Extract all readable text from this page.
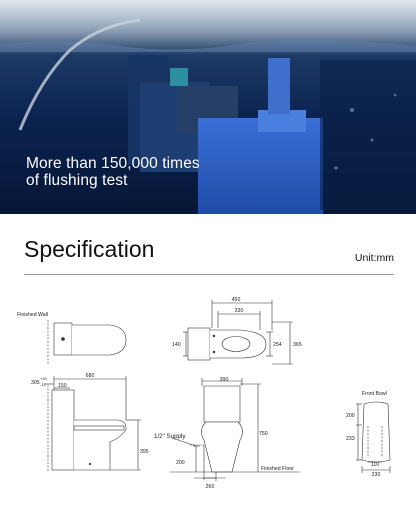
More than 150,000 times
of flushing test
Specification	Unit:mm
Finished Wall
450
330
140	254 365
680
305
+10
-12 150
395
390
750
200
260
1/2" Supply
Finished Floor
Front Bowl
200
233
110
230
